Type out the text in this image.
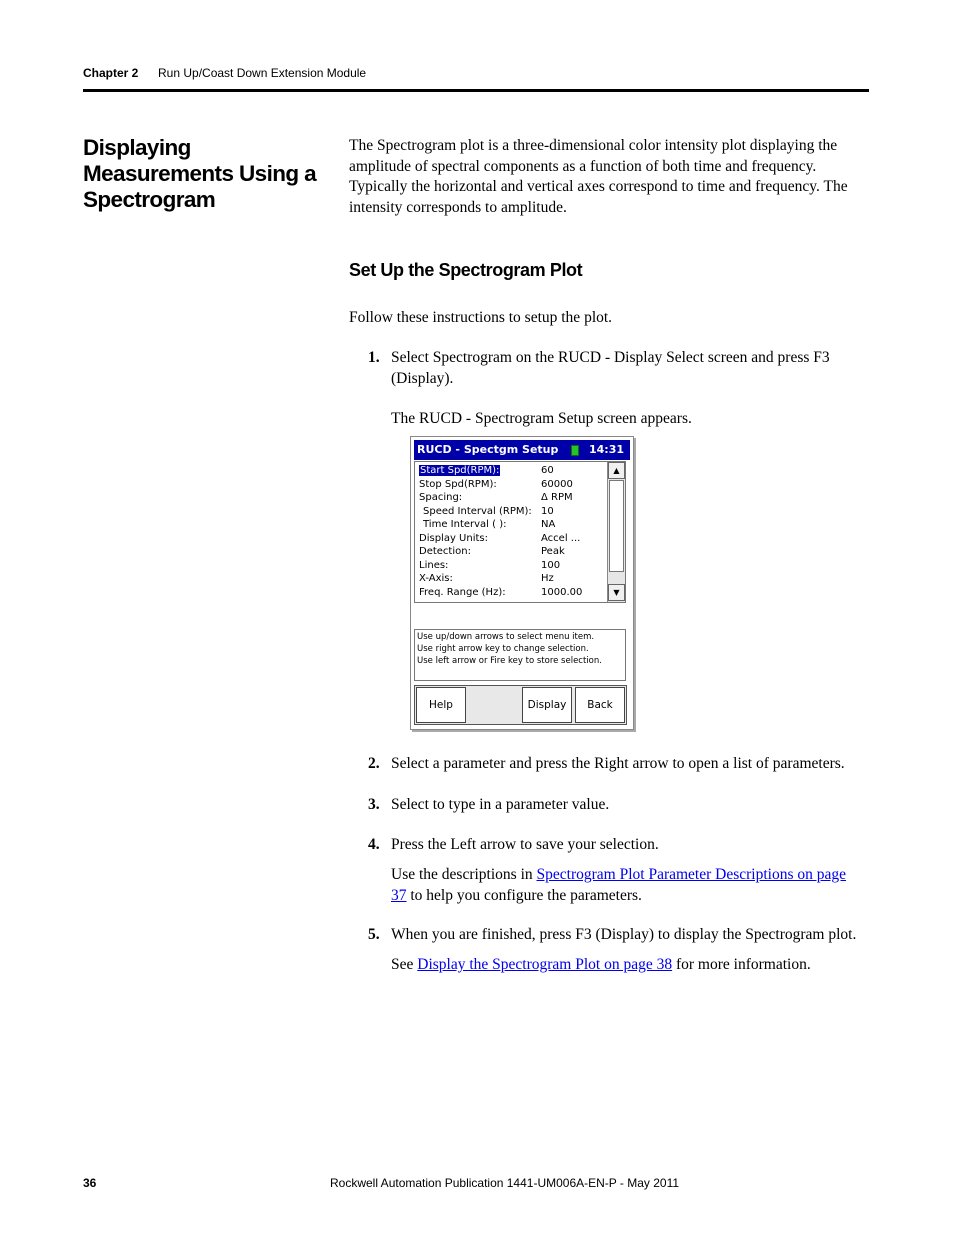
Chapter 2 Run Up/Coast Down Extension Module
Displaying Measurements Using a Spectrogram
The Spectrogram plot is a three-dimensional color intensity plot displaying the amplitude of spectral components as a function of both time and frequency. Typically the horizontal and vertical axes correspond to time and frequency. The intensity corresponds to amplitude.
Set Up the Spectrogram Plot
Follow these instructions to setup the plot.
1. Select Spectrogram on the RUCD - Display Select screen and press F3 (Display).
The RUCD - Spectrogram Setup screen appears.
RUCD - Spectgm Setup	14:31
Start Spd(RPM):	60
Stop Spd(RPM):	60000
Spacing:	Δ RPM
Speed Interval (RPM): 10
Time Interval ( ):	NA
Display Units:	Accel ...
Detection:	Peak
Lines:	100
X-Axis:	Hz
Freq. Range (Hz):	1000.00
▲
▼
Use up/down arrows to select menu item.
Use right arrow key to change selection.
Use left arrow or Fire key to store selection.
Help	Display	Back
2. Select a parameter and press the Right arrow to open a list of parameters.
3. Select to type in a parameter value.
4. Press the Left arrow to save your selection.
Use the descriptions in Spectrogram Plot Parameter Descriptions on page 37 to help you configure the parameters.
5. When you are finished, press F3 (Display) to display the Spectrogram plot.
See Display the Spectrogram Plot on page 38 for more information.
36	Rockwell Automation Publication 1441-UM006A-EN-P - May 2011
